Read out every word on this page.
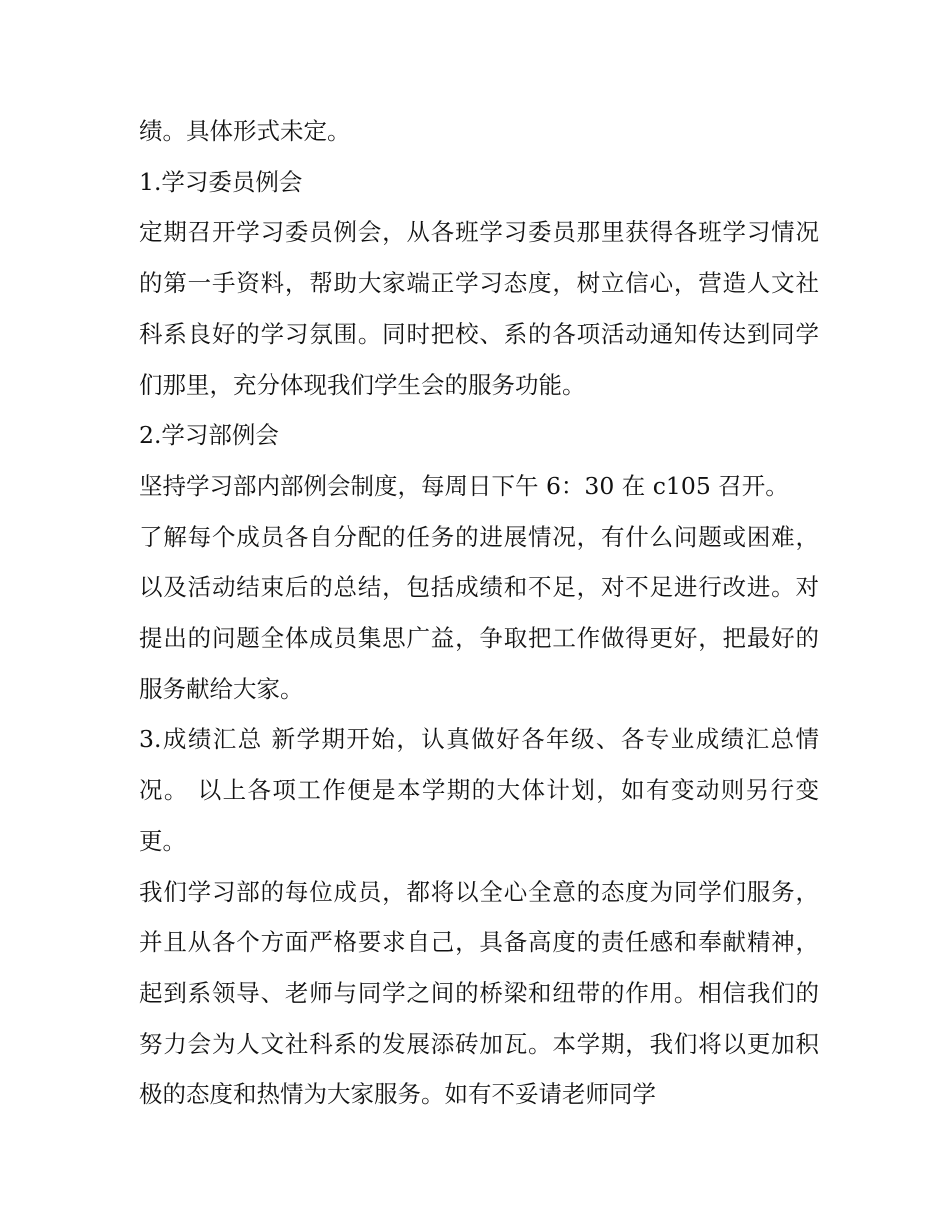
绩。具体形式未定。

1.学习委员例会

定期召开学习委员例会，从各班学习委员那里获得各班学习情况的第一手资料，帮助大家端正学习态度，树立信心，营造人文社科系良好的学习氛围。同时把校、系的各项活动通知传达到同学们那里，充分体现我们学生会的服务功能。

2.学习部例会

坚持学习部内部例会制度，每周日下午 6：30 在 c105 召开。

了解每个成员各自分配的任务的进展情况，有什么问题或困难，以及活动结束后的总结，包括成绩和不足，对不足进行改进。对提出的问题全体成员集思广益，争取把工作做得更好，把最好的服务献给大家。

3.成绩汇总 新学期开始，认真做好各年级、各专业成绩汇总情况。 以上各项工作便是本学期的大体计划，如有变动则另行变更。

我们学习部的每位成员，都将以全心全意的态度为同学们服务，并且从各个方面严格要求自己，具备高度的责任感和奉献精神，起到系领导、老师与同学之间的桥梁和纽带的作用。相信我们的努力会为人文社科系的发展添砖加瓦。本学期，我们将以更加积极的态度和热情为大家服务。如有不妥请老师同学
